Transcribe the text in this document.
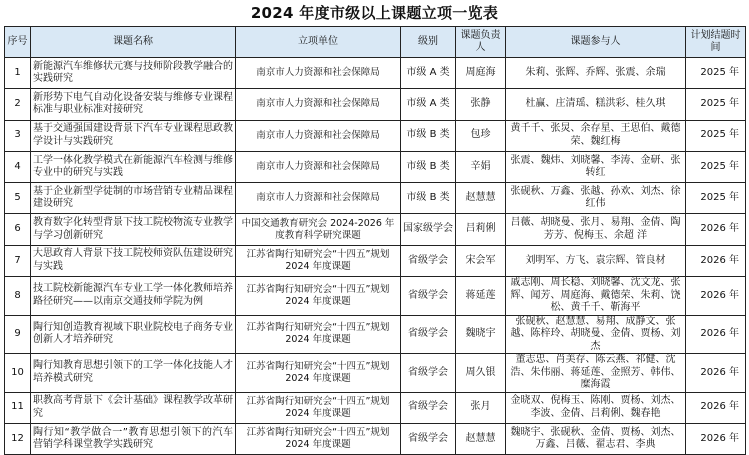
2024 年度市级以上课题立项一览表
序号	课题名称	立项单位	级别	课题负责人	课题参与人	计划结题时间
1	新能源汽车维修状元赛与技师阶段教学融合的实践研究	南京市人力资源和社会保障局	市级 A 类	周庭海	朱莉、张辉、乔辉、张震、余瑞	2025 年
2	新形势下电气自动化设备安装与维修专业课程标准与职业标准对接研究	南京市人力资源和社会保障局	市级 A 类	张静	杜赢、庄清瑶、糕洪彩、桂久琪	2025 年
3	基于交通强国建设背景下汽车专业课程思政教学设计与实践研究	南京市人力资源和社会保障局	市级 B 类	包珍	黄千千、张炅、余存星、王思伯、戴德荣、魏红梅	2025 年
4	工学一体化教学模式在新能源汽车检测与维修专业中的研究与实践	南京市人力资源和社会保障局	市级 B 类	辛娟	张震、魏炜、刘晓馨、李涛、金研、张转红	2025 年
5	基于企业新型学徒制的市场营销专业精品课程建设研究	南京市人力资源和社会保障局	市级 B 类	赵慧慧	张砚秋、万鑫、张越、孙欢、刘杰、徐红伟	2025 年
6	教育数字化转型背景下技工院校物流专业教学与学习创新研究	中国交通教育研究会 2024-2026 年度教育科学研究课题	国家级学会	吕莉俐	吕薇、胡晓曼、张月、易翔、金倩、陶芳芳、倪梅玉、余超 洋	2026 年
7	大思政育人背景下技工院校师资队伍建设研究与实践	江苏省陶行知研究会“十四五”规划 2024 年度课题	省级学会	宋会军	刘明军、方飞、袁宗辉、管良材	2026 年
8	技工院校新能源汽车专业工学一体化教师培养路径研究——以南京交通技师学院为例	江苏省陶行知研究会“十四五”规划 2024 年度课题	省级学会	蒋延莲	戚志刚、周长稳、刘晓馨、沈文龙、张辉、闻芳、周庭海、戴德荣、朱莉、饶松、黄千千、靳海平	2026 年
9	陶行知创造教育视域下职业院校电子商务专业创新人才培养研究	江苏省陶行知研究会“十四五”规划 2024 年度课题	省级学会	魏晓宇	张砚秋、赵慧慧、易翔、成静文、张越、陈梓玲、胡晓曼、金倩、贾杨、刘杰	2026 年
10	陶行知教育思想引领下的工学一体化技能人才培养模式研究	江苏省陶行知研究会“十四五”规划 2024 年度课题	省级学会	周久银	董志忠、肖美存、陈云燕、祁健、沈浩、朱伟丽、蒋延莲、金照芳、韩伟、糜海霞	2026 年
11	职教高考背景下《会计基础》课程教学改革研究	江苏省陶行知研究会“十四五”规划 2024 年度课题	省级学会	张月	金晓双、倪梅玉、陈刚、贾杨、刘杰、李波、金倩、吕莉俐、魏春艳	2026 年
12	陶行知“教学做合一”教育思想引领下的汽车营销学科课堂教学实践研究	江苏省陶行知研究会“十四五”规划 2024 年度课题	省级学会	赵慧慧	魏晓宇、张砚秋、金倩、贾杨、刘杰、万鑫、吕薇、翟志君、李典	2026 年
